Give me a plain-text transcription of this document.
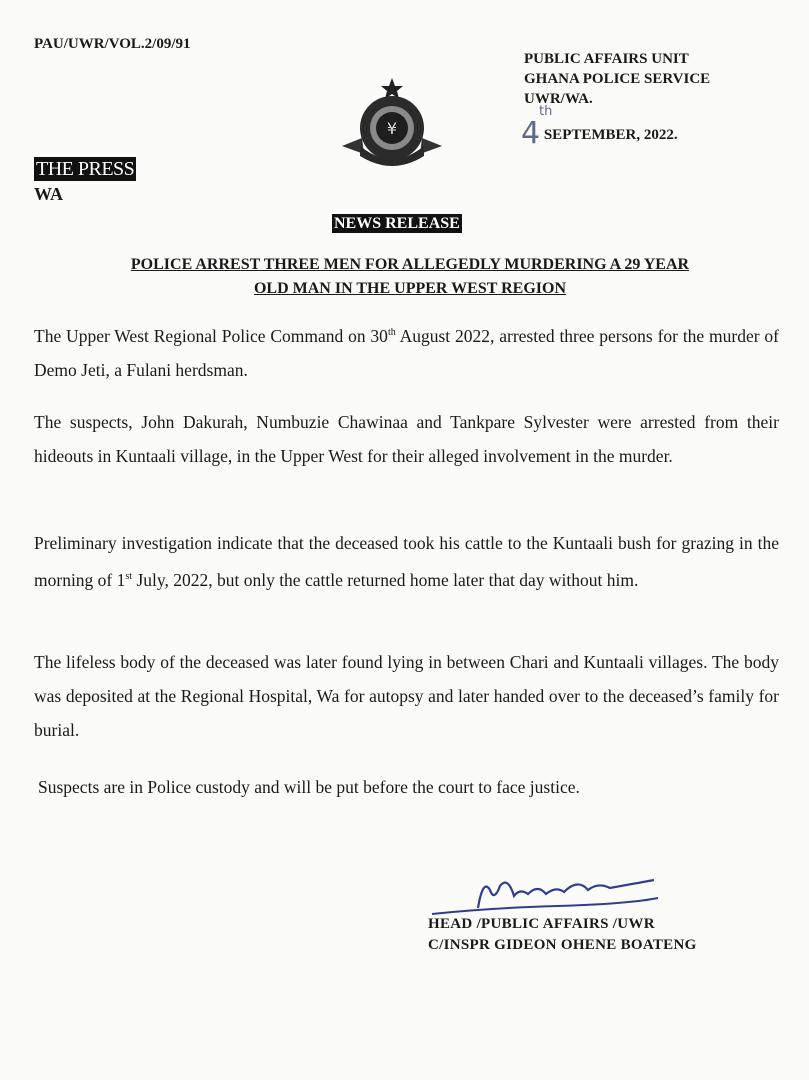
PAU/UWR/VOL.2/09/91
PUBLIC AFFAIRS UNIT
GHANA POLICE SERVICE
UWR/WA.
4
th
SEPTEMBER, 2022.
¥
THE PRESS
WA
NEWS RELEASE
POLICE ARREST THREE MEN FOR ALLEGEDLY MURDERING A 29 YEAR
OLD MAN IN THE UPPER WEST REGION

The Upper West Regional Police Command on 30th August 2022, arrested three persons for the murder of Demo Jeti, a Fulani herdsman.

The suspects, John Dakurah, Numbuzie Chawinaa and Tankpare Sylvester were arrested from their hideouts in Kuntaali village, in the Upper West for their alleged involvement in the murder.

Preliminary investigation indicate that the deceased took his cattle to the Kuntaali bush for grazing in the morning of 1st July, 2022, but only the cattle returned home later that day without him.

The lifeless body of the deceased was later found lying in between Chari and Kuntaali villages. The body was deposited at the Regional Hospital, Wa for autopsy and later handed over to the deceased’s family for burial.

Suspects are in Police custody and will be put before the court to face justice.

HEAD /PUBLIC AFFAIRS /UWR
C/INSPR GIDEON OHENE BOATENG
